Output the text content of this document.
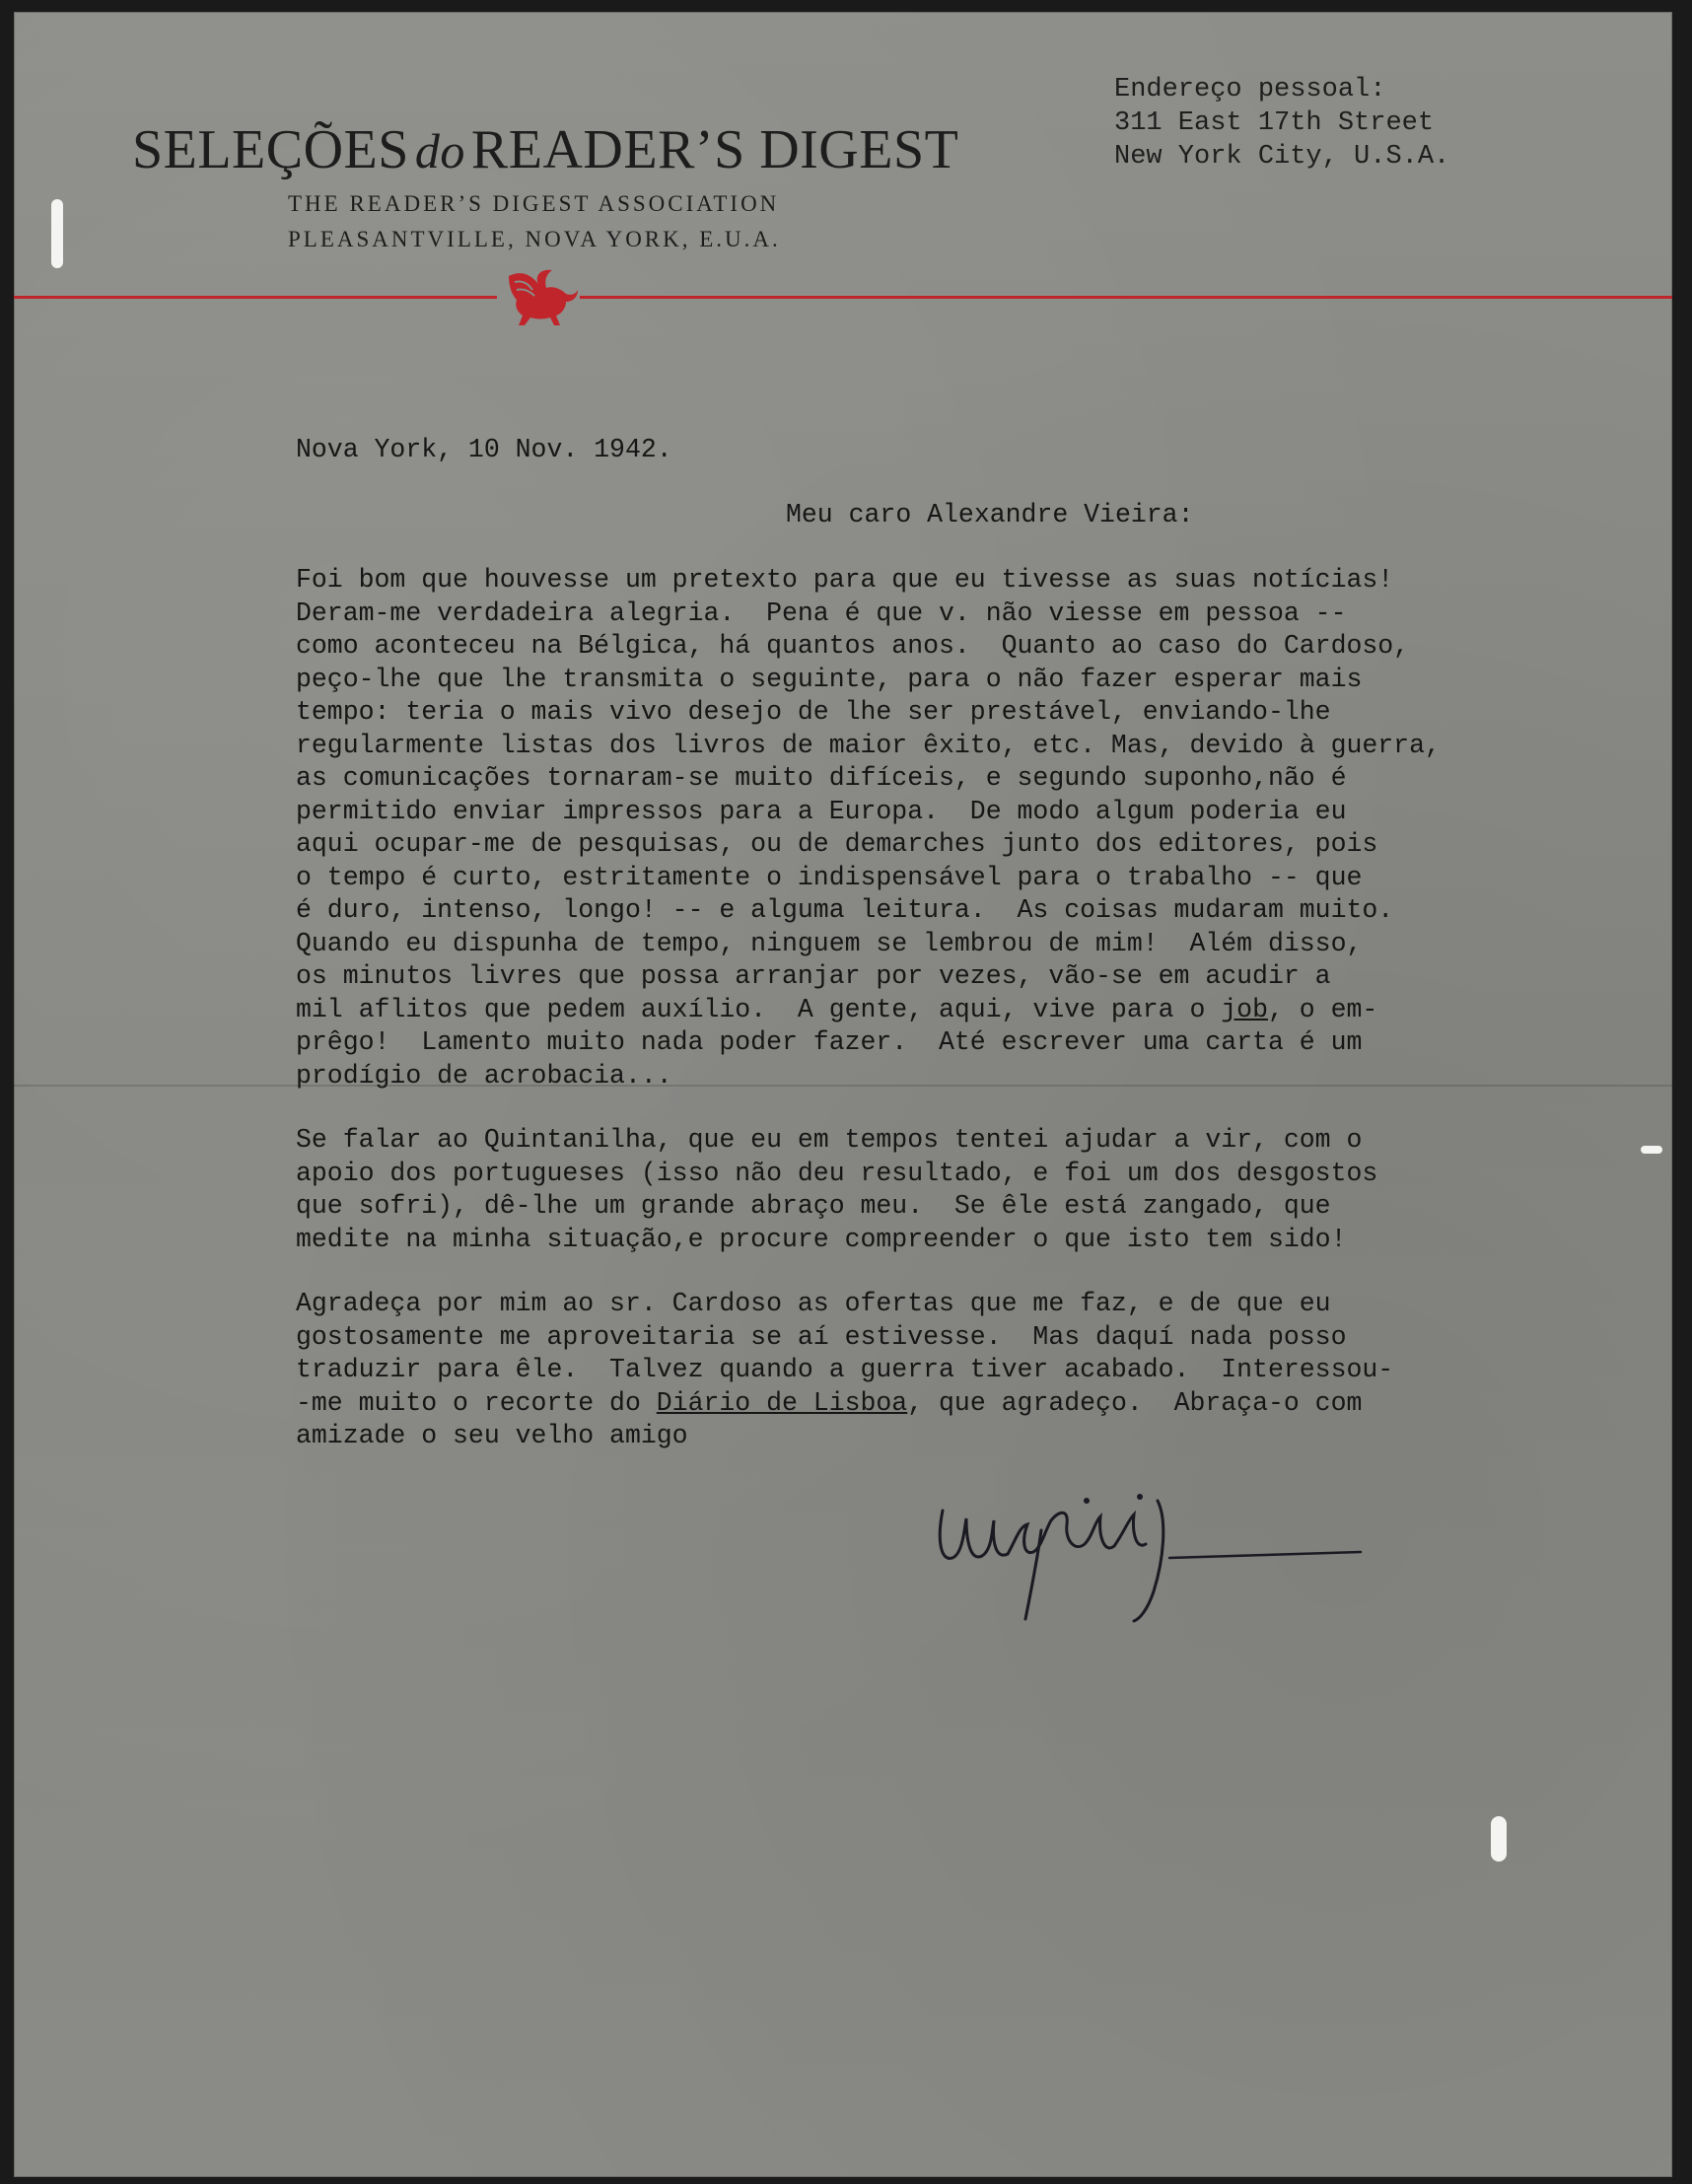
SELEÇÕES do READER’S DIGEST
THE READER’S DIGEST ASSOCIATION
PLEASANTVILLE, NOVA YORK, E.U.A.
Endereço pessoal:
311 East 17th Street
New York City, U.S.A.
Nova York, 10 Nov. 1942.
Meu caro Alexandre Vieira:
Foi bom que houvesse um pretexto para que eu tivesse as suas notícias!
Deram-me verdadeira alegria.  Pena é que v. não viesse em pessoa --
como aconteceu na Bélgica, há quantos anos.  Quanto ao caso do Cardoso,
peço-lhe que lhe transmita o seguinte, para o não fazer esperar mais
tempo: teria o mais vivo desejo de lhe ser prestável, enviando-lhe
regularmente listas dos livros de maior êxito, etc. Mas, devido à guerra,
as comunicações tornaram-se muito difíceis, e segundo suponho,não é
permitido enviar impressos para a Europa.  De modo algum poderia eu
aqui ocupar-me de pesquisas, ou de demarches junto dos editores, pois
o tempo é curto, estritamente o indispensável para o trabalho -- que
é duro, intenso, longo! -- e alguma leitura.  As coisas mudaram muito.
Quando eu dispunha de tempo, ninguem se lembrou de mim!  Além disso,
os minutos livres que possa arranjar por vezes, vão-se em acudir a
mil aflitos que pedem auxílio.  A gente, aqui, vive para o job, o em-
prêgo!  Lamento muito nada poder fazer.  Até escrever uma carta é um
prodígio de acrobacia...
Se falar ao Quintanilha, que eu em tempos tentei ajudar a vir, com o
apoio dos portugueses (isso não deu resultado, e foi um dos desgostos
que sofri), dê-lhe um grande abraço meu.  Se êle está zangado, que
medite na minha situação,e procure compreender o que isto tem sido!
Agradeça por mim ao sr. Cardoso as ofertas que me faz, e de que eu
gostosamente me aproveitaria se aí estivesse.  Mas daquí nada posso
traduzir para êle.  Talvez quando a guerra tiver acabado.  Interessou-
-me muito o recorte do Diário de Lisboa, que agradeço.  Abraça-o com
amizade o seu velho amigo
